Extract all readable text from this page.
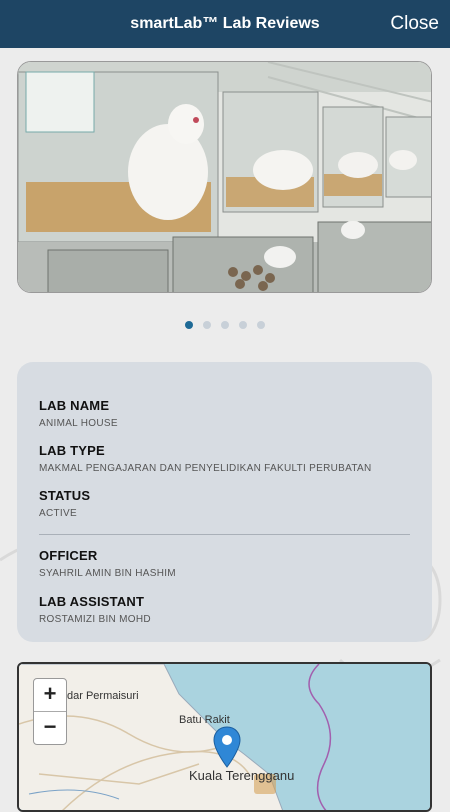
smartLab™ Lab Reviews	Close
LAB NAME
ANIMAL HOUSE
LAB TYPE
MAKMAL PENGAJARAN DAN PENYELIDIKAN FAKULTI PERUBATAN
STATUS
ACTIVE
OFFICER
SYAHRIL AMIN BIN HASHIM
LAB ASSISTANT
ROSTAMIZI BIN MOHD
+
−
dar Permaisuri
Batu Rakit
Kuala Terengganu
